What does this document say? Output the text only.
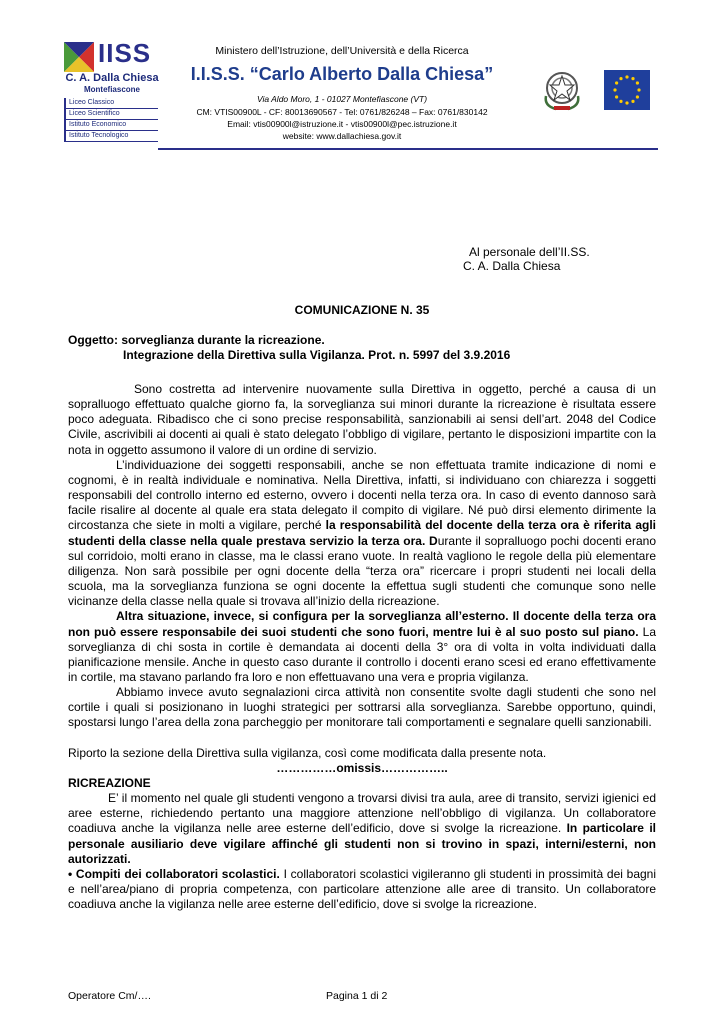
IISS
C. A. Dalla Chiesa
Montefiascone
Liceo Classico
Liceo Scientifico
Istituto Economico
Istituto Tecnologico
Ministero dell’Istruzione, dell’Università e della Ricerca
I.I.S.S. “Carlo Alberto Dalla Chiesa”
Via Aldo Moro, 1 - 01027 Montefiascone (VT)
CM: VTIS00900L - CF: 80013690567 - Tel: 0761/826248 – Fax: 0761/830142
Email: vtis00900l@istruzione.it - vtis00900l@pec.istruzione.it
website: www.dallachiesa.gov.it
Al personale dell’II.SS.
C. A. Dalla Chiesa
COMUNICAZIONE N. 35
Oggetto: sorveglianza durante la ricreazione.
Integrazione della Direttiva sulla Vigilanza. Prot. n. 5997 del 3.9.2016

Sono costretta ad intervenire nuovamente sulla Direttiva in oggetto, perché a causa di un sopralluogo effettuato qualche giorno fa, la sorveglianza sui minori durante la ricreazione è risultata essere poco adeguata. Ribadisco che ci sono precise responsabilità, sanzionabili ai sensi dell’art. 2048 del Codice Civile, ascrivibili ai docenti ai quali è stato delegato l’obbligo di vigilare, pertanto le disposizioni impartite con la nota in oggetto assumono il valore di un ordine di servizio.

L’individuazione dei soggetti responsabili, anche se non effettuata tramite indicazione di nomi e cognomi, è in realtà individuale e nominativa. Nella Direttiva, infatti, si individuano con chiarezza i soggetti responsabili del controllo interno ed esterno, ovvero i docenti nella terza ora. In caso di evento dannoso sarà facile risalire al docente al quale era stata delegato il compito di vigilare. Né può dirsi elemento dirimente la circostanza che siete in molti a vigilare, perché la responsabilità del docente della terza ora è riferita agli studenti della classe nella quale prestava servizio la terza ora. Durante il sopralluogo pochi docenti erano sul corridoio, molti erano in classe, ma le classi erano vuote. In realtà vagliono le regole della più elementare diligenza. Non sarà possibile per ogni docente della “terza ora” ricercare i propri studenti nei locali della scuola, ma la sorveglianza funziona se ogni docente la effettua sugli studenti che comunque sono nelle vicinanze della classe nella quale si trovava all’inizio della ricreazione.

Altra situazione, invece, si configura per la sorveglianza all’esterno. Il docente della terza ora non può essere responsabile dei suoi studenti che sono fuori, mentre lui è al suo posto sul piano. La sorveglianza di chi sosta in cortile è demandata ai docenti della 3° ora di volta in volta individuati dalla pianificazione mensile. Anche in questo caso durante il controllo i docenti erano scesi ed erano effettivamente in cortile, ma stavano parlando fra loro e non effettuavano una vera e propria vigilanza.

Abbiamo invece avuto segnalazioni circa attività non consentite svolte dagli studenti che sono nel cortile i quali si posizionano in luoghi strategici per sottrarsi alla sorveglianza. Sarebbe opportuno, quindi, spostarsi lungo l’area della zona parcheggio per monitorare tali comportamenti e segnalare quelli sanzionabili.

Riporto la sezione della Direttiva sulla vigilanza, così come modificata dalla presente nota.

……………omissis……………..

RICREAZIONE

E’ il momento nel quale gli studenti vengono a trovarsi divisi tra aula, aree di transito, servizi igienici ed aree esterne, richiedendo pertanto una maggiore attenzione nell’obbligo di vigilanza. Un collaboratore coadiuva anche la vigilanza nelle aree esterne dell’edificio, dove si svolge la ricreazione. In particolare il personale ausiliario deve vigilare affinché gli studenti non si trovino in spazi, interni/esterni, non autorizzati.

• Compiti dei collaboratori scolastici. I collaboratori scolastici vigileranno gli studenti in prossimità dei bagni e nell’area/piano di propria competenza, con particolare attenzione alle aree di transito. Un collaboratore coadiuva anche la vigilanza nelle aree esterne dell’edificio, dove si svolge la ricreazione.

Operatore Cm/….	Pagina 1 di 2
